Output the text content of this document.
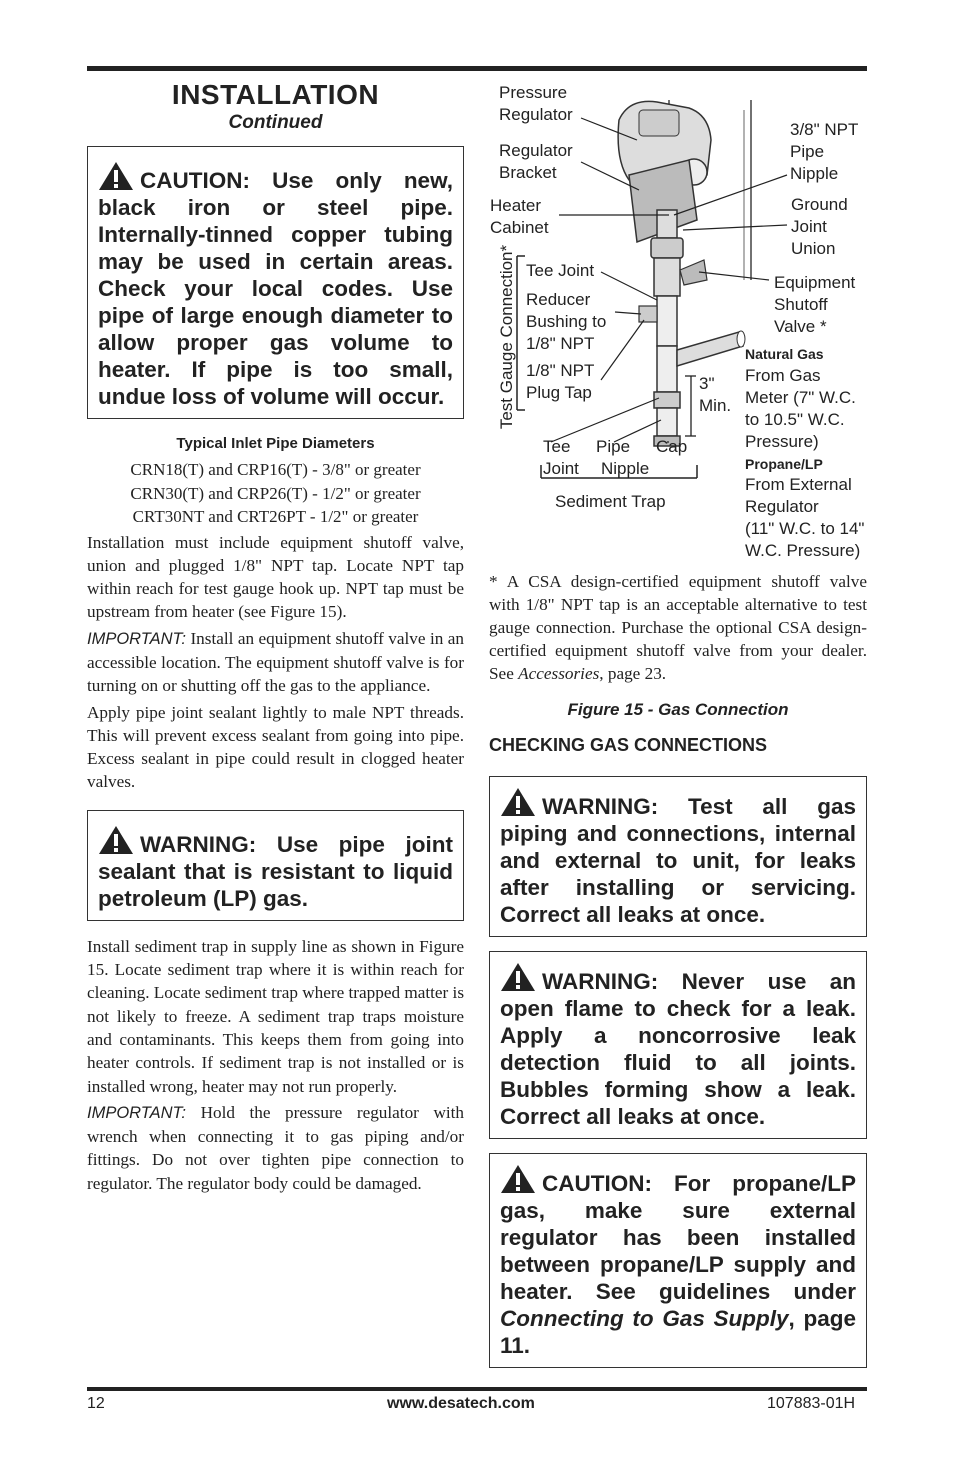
INSTALLATION
Continued
CAUTION: Use only new, black iron or steel pipe. Internally-tinned copper tubing may be used in certain areas. Check your local codes. Use pipe of large enough diameter to allow proper gas volume to heater. If pipe is too small, undue loss of volume will occur.
Typical Inlet Pipe Diameters
CRN18(T) and CRP16(T) - 3/8" or greater
CRN30(T) and CRP26(T) - 1/2" or greater
CRT30NT and CRT26PT - 1/2" or greater

Installation must include equipment shutoff valve, union and plugged 1/8" NPT tap. Locate NPT tap within reach for test gauge hook up. NPT tap must be upstream from heater (see Figure 15).

IMPORTANT: Install an equipment shutoff valve in an accessible location. The equipment shutoff valve is for turning on or shutting off the gas to the appliance.

Apply pipe joint sealant lightly to male NPT threads. This will prevent excess sealant from going into pipe. Excess sealant in pipe could result in clogged heater valves.

WARNING: Use pipe joint sealant that is resistant to liquid petroleum (LP) gas.

Install sediment trap in supply line as shown in Figure 15. Locate sediment trap where it is within reach for cleaning. Locate sediment trap where trapped matter is not likely to freeze. A sediment trap traps moisture and contaminants. This keeps them from going into heater controls. If sediment trap is not installed or is installed wrong, heater may not run properly.

IMPORTANT: Hold the pressure regulator with wrench when connecting it to gas piping and/or fittings. Do not over tighten pipe connection to regulator. The regulator body could be damaged.

Pressure
Regulator
Regulator
Bracket
Heater
Cabinet
3/8" NPT
Pipe
Nipple
Ground
Joint
Union
Tee Joint
Reducer
Bushing to
1/8" NPT
1/8" NPT
Plug Tap
Test Gauge Connection*	Equipment
Shutoff
Valve *
Natural Gas
From Gas
Meter (7" W.C.
to 10.5" W.C.
Pressure)
Propane/LP
From External
Regulator
(11" W.C. to 14"
W.C. Pressure)
3"
Min.
Tee
Joint
Pipe
Nipple
Cap
Sediment Trap

* A CSA design-certified equipment shutoff valve with 1/8" NPT tap is an acceptable alternative to test gauge connection. Purchase the optional CSA design-certified equipment shutoff valve from your dealer. See Accessories, page 23.

Figure 15 - Gas Connection
CHECKING GAS CONNECTIONS
WARNING: Test all gas piping and connections, internal and external to unit, for leaks after installing or servicing. Correct all leaks at once.
WARNING: Never use an open flame to check for a leak. Apply a noncorrosive leak detection fluid to all joints. Bubbles forming show a leak. Correct all leaks at once.
CAUTION: For propane/LP gas, make sure external regulator has been installed between propane/LP supply and heater. See guidelines under Connecting to Gas Supply, page 11.
12	www.desatech.com	107883-01H
